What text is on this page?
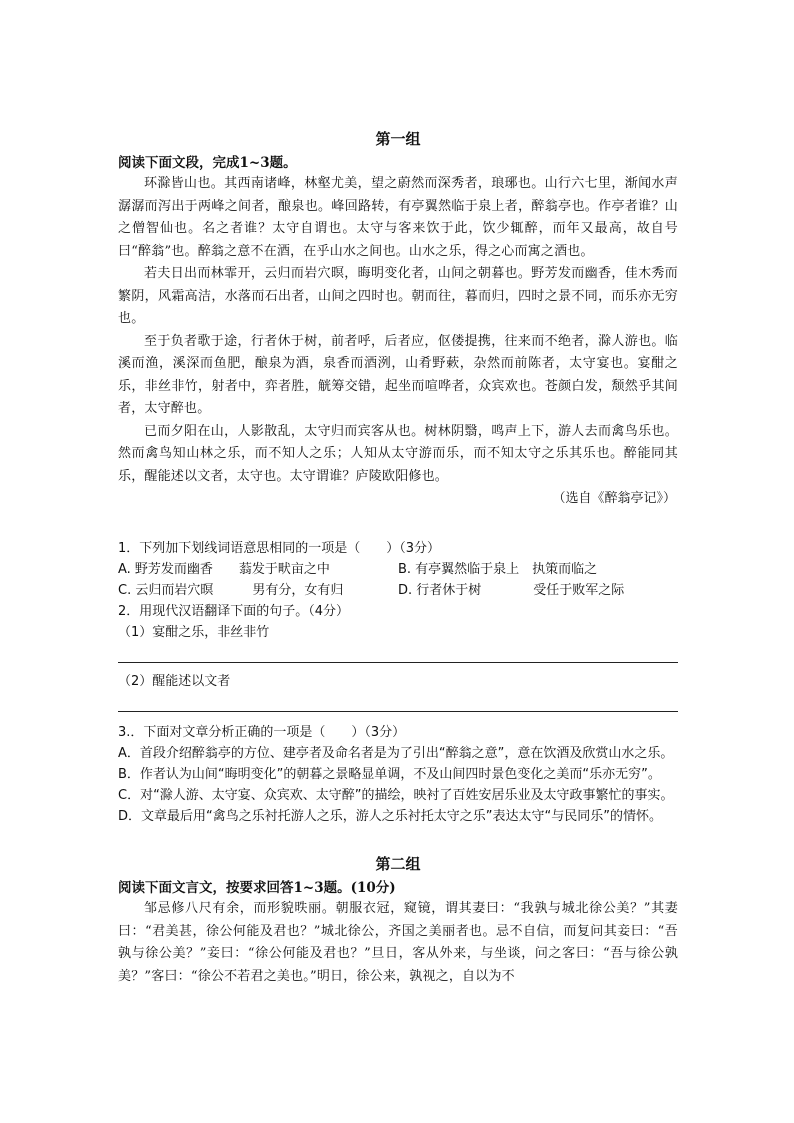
第一组

阅读下面文段，完成1~3题。

环滁皆山也。其西南诸峰，林壑尤美，望之蔚然而深秀者，琅琊也。山行六七里，渐闻水声潺潺而泻出于两峰之间者，酿泉也。峰回路转，有亭翼然临于泉上者，醉翁亭也。作亭者谁？山之僧智仙也。名之者谁？太守自谓也。太守与客来饮于此，饮少辄醉，而年又最高，故自号曰“醉翁”也。醉翁之意不在酒，在乎山水之间也。山水之乐，得之心而寓之酒也。

若夫日出而林霏开，云归而岩穴暝，晦明变化者，山间之朝暮也。野芳发而幽香，佳木秀而繁阴，风霜高洁，水落而石出者，山间之四时也。朝而往，暮而归，四时之景不同，而乐亦无穷也。

至于负者歌于途，行者休于树，前者呼，后者应，伛偻提携，往来而不绝者，滁人游也。临溪而渔，溪深而鱼肥，酿泉为酒，泉香而酒洌，山肴野蔌，杂然而前陈者，太守宴也。宴酣之乐，非丝非竹，射者中，弈者胜，觥筹交错，起坐而喧哗者，众宾欢也。苍颜白发，颓然乎其间者，太守醉也。

已而夕阳在山，人影散乱，太守归而宾客从也。树林阴翳，鸣声上下，游人去而禽鸟乐也。然而禽鸟知山林之乐，而不知人之乐；人知从太守游而乐，而不知太守之乐其乐也。醉能同其乐，醒能述以文者，太守也。太守谓谁？庐陵欧阳修也。

（选自《醉翁亭记》）

1．下列加下划线词语意思相同的一项是（　　）（3分）

A. 野芳发而幽香　　蓊发于畎亩之中	B. 有亭翼然临于泉上　执策而临之
C. 云归而岩穴暝　　　男有分，女有归	D. 行者休于树　　　　受任于败军之际

2．用现代汉语翻译下面的句子。（4分）

（1）宴酣之乐，非丝非竹

（2）醒能述以文者

3.．下面对文章分析正确的一项是（　　）（3分）

A．首段介绍醉翁亭的方位、建亭者及命名者是为了引出“醉翁之意”，意在饮酒及欣赏山水之乐。

B．作者认为山间“晦明变化”的朝暮之景略显单调，不及山间四时景色变化之美而“乐亦无穷”。

C．对“滁人游、太守宴、众宾欢、太守醉”的描绘，映衬了百姓安居乐业及太守政事繁忙的事实。

D．文章最后用“禽鸟之乐衬托游人之乐，游人之乐衬托太守之乐”表达太守“与民同乐”的情怀。

第二组

阅读下面文言文，按要求回答1~3题。(10分)

邹忌修八尺有余，而形貌昳丽。朝服衣冠，窥镜，谓其妻曰：“我孰与城北徐公美？”其妻曰：“君美甚，徐公何能及君也？”城北徐公，齐国之美丽者也。忌不自信，而复问其妾曰：“吾孰与徐公美？”妾曰：“徐公何能及君也？”旦日，客从外来，与坐谈，问之客曰：“吾与徐公孰美？”客曰：“徐公不若君之美也。”明日，徐公来，孰视之，自以为不
